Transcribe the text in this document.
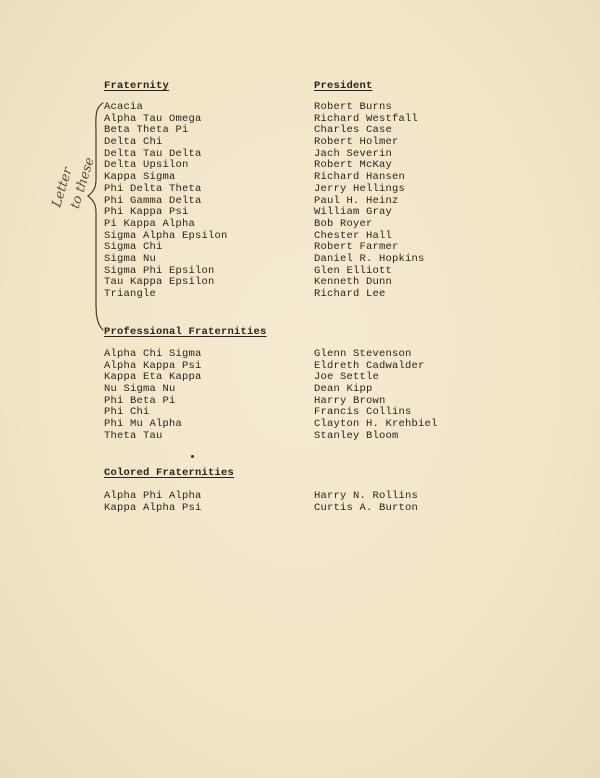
Fraternity	President
Acacia
Alpha Tau Omega
Beta Theta Pi
Delta Chi
Delta Tau Delta
Delta Upsilon
Kappa Sigma
Phi Delta Theta
Phi Gamma Delta
Phi Kappa Psi
Pi Kappa Alpha
Sigma Alpha Epsilon
Sigma Chi
Sigma Nu
Sigma Phi Epsilon
Tau Kappa Epsilon
Triangle
Robert Burns
Richard Westfall
Charles Case
Robert Holmer
Jach Severin
Robert McKay
Richard Hansen
Jerry Hellings
Paul H. Heinz
William Gray
Bob Royer
Chester Hall
Robert Farmer
Daniel R. Hopkins
Glen Elliott
Kenneth Dunn
Richard Lee
Professional Fraternities
Alpha Chi Sigma
Alpha Kappa Psi
Kappa Eta Kappa
Nu Sigma Nu
Phi Beta Pi
Phi Chi
Phi Mu Alpha
Theta Tau
Glenn Stevenson
Eldreth Cadwalder
Joe Settle
Dean Kipp
Harry Brown
Francis Collins
Clayton H. Krehbiel
Stanley Bloom
Colored Fraternities
Alpha Phi Alpha
Kappa Alpha Psi
Harry N. Rollins
Curtis A. Burton
Letter
to these
